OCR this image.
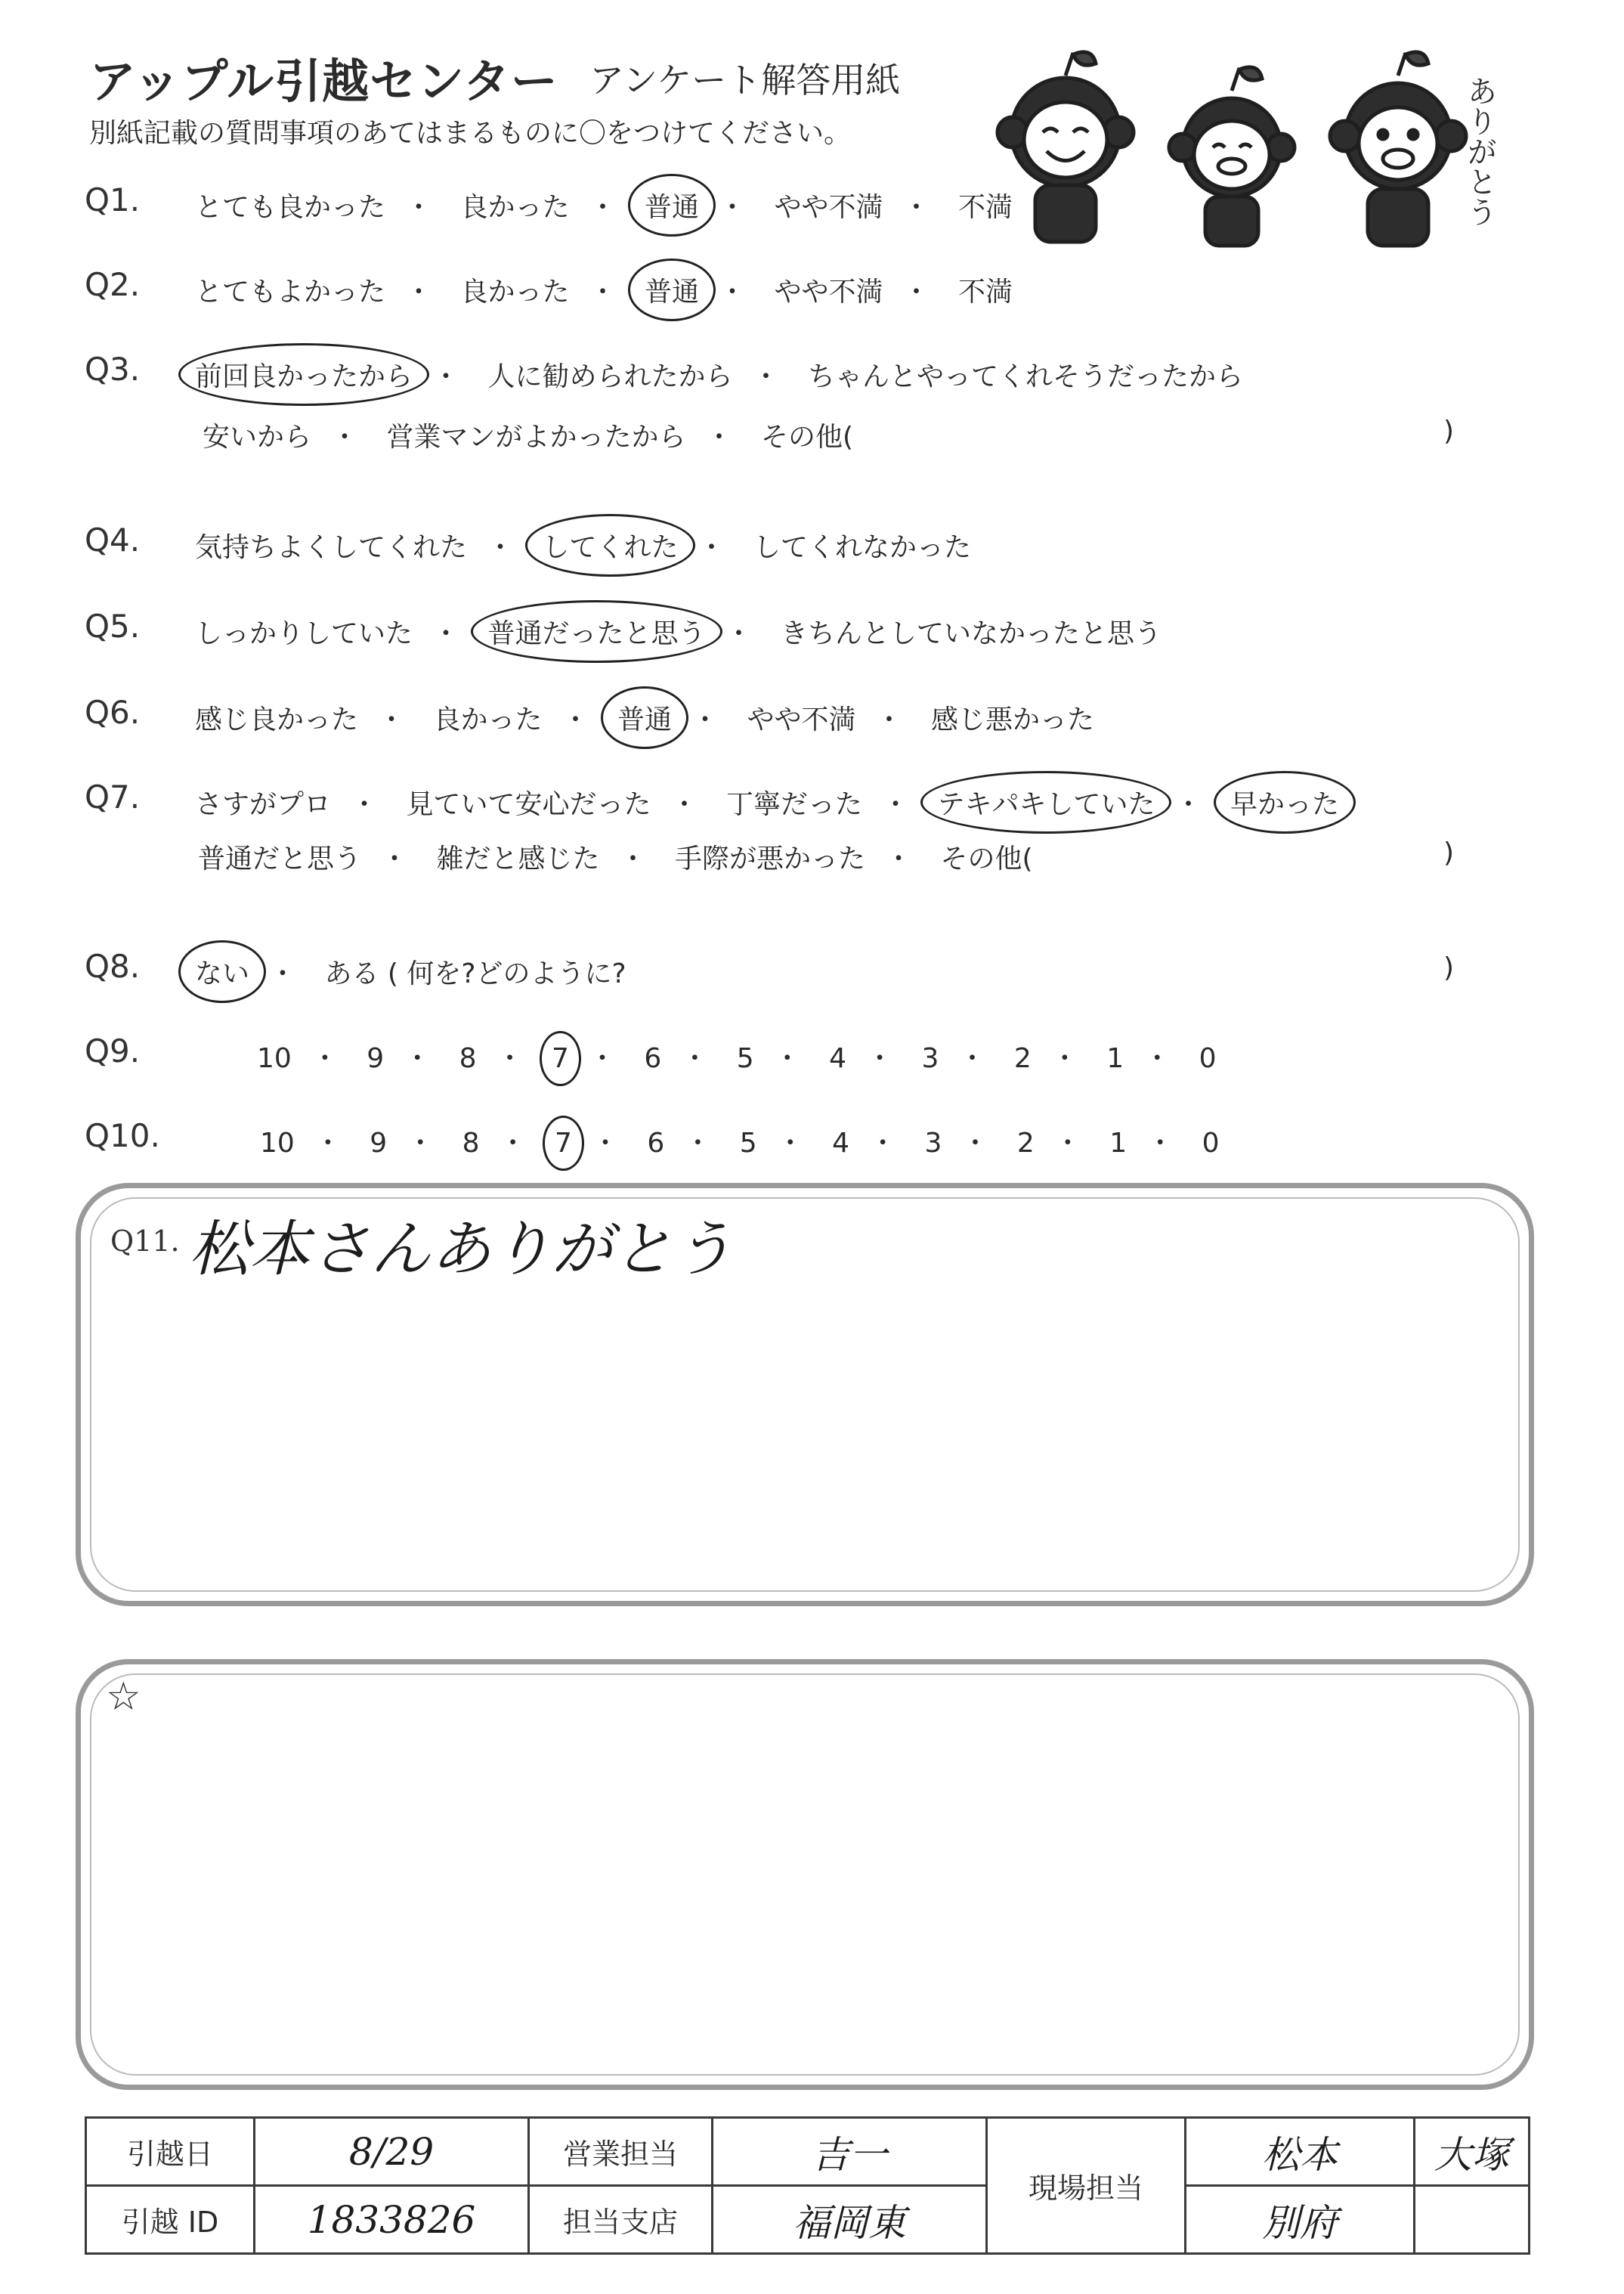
アップル引越センター アンケート解答用紙
別紙記載の質問事項のあてはまるものに〇をつけてください。	ありがとう
Q1. とても良かった ・ 良かった ・ 普通 ・ やや不満 ・ 不満
Q2. とてもよかった ・ 良かった ・ 普通 ・ やや不満 ・ 不満
Q3. 前回良かったから ・ 人に勧められたから ・ ちゃんとやってくれそうだったから
安いから ・ 営業マンがよかったから ・ その他(	)
Q4. 気持ちよくしてくれた ・ してくれた ・ してくれなかった
Q5. しっかりしていた ・ 普通だったと思う ・ きちんとしていなかったと思う
Q6. 感じ良かった ・ 良かった ・ 普通 ・ やや不満 ・ 感じ悪かった
Q7. さすがプロ ・ 見ていて安心だった ・ 丁寧だった ・ テキパキしていた ・ 早かった
普通だと思う ・ 雑だと感じた ・ 手際が悪かった ・ その他(	)
Q8. ない ・ ある ( 何を?どのように?	)
Q9.	10 ・ 9 ・ 8 ・ 7 ・ 6 ・ 5 ・ 4 ・ 3 ・ 2 ・ 1 ・ 0
Q10.	10 ・ 9 ・ 8 ・ 7 ・ 6 ・ 5 ・ 4 ・ 3 ・ 2 ・ 1 ・ 0
Q11. 松本さんありがとう
☆
引越日	8/29	営業担当	吉一	現場担当	松本	大塚
引越 ID	1833826	担当支店	福岡東		別府	
